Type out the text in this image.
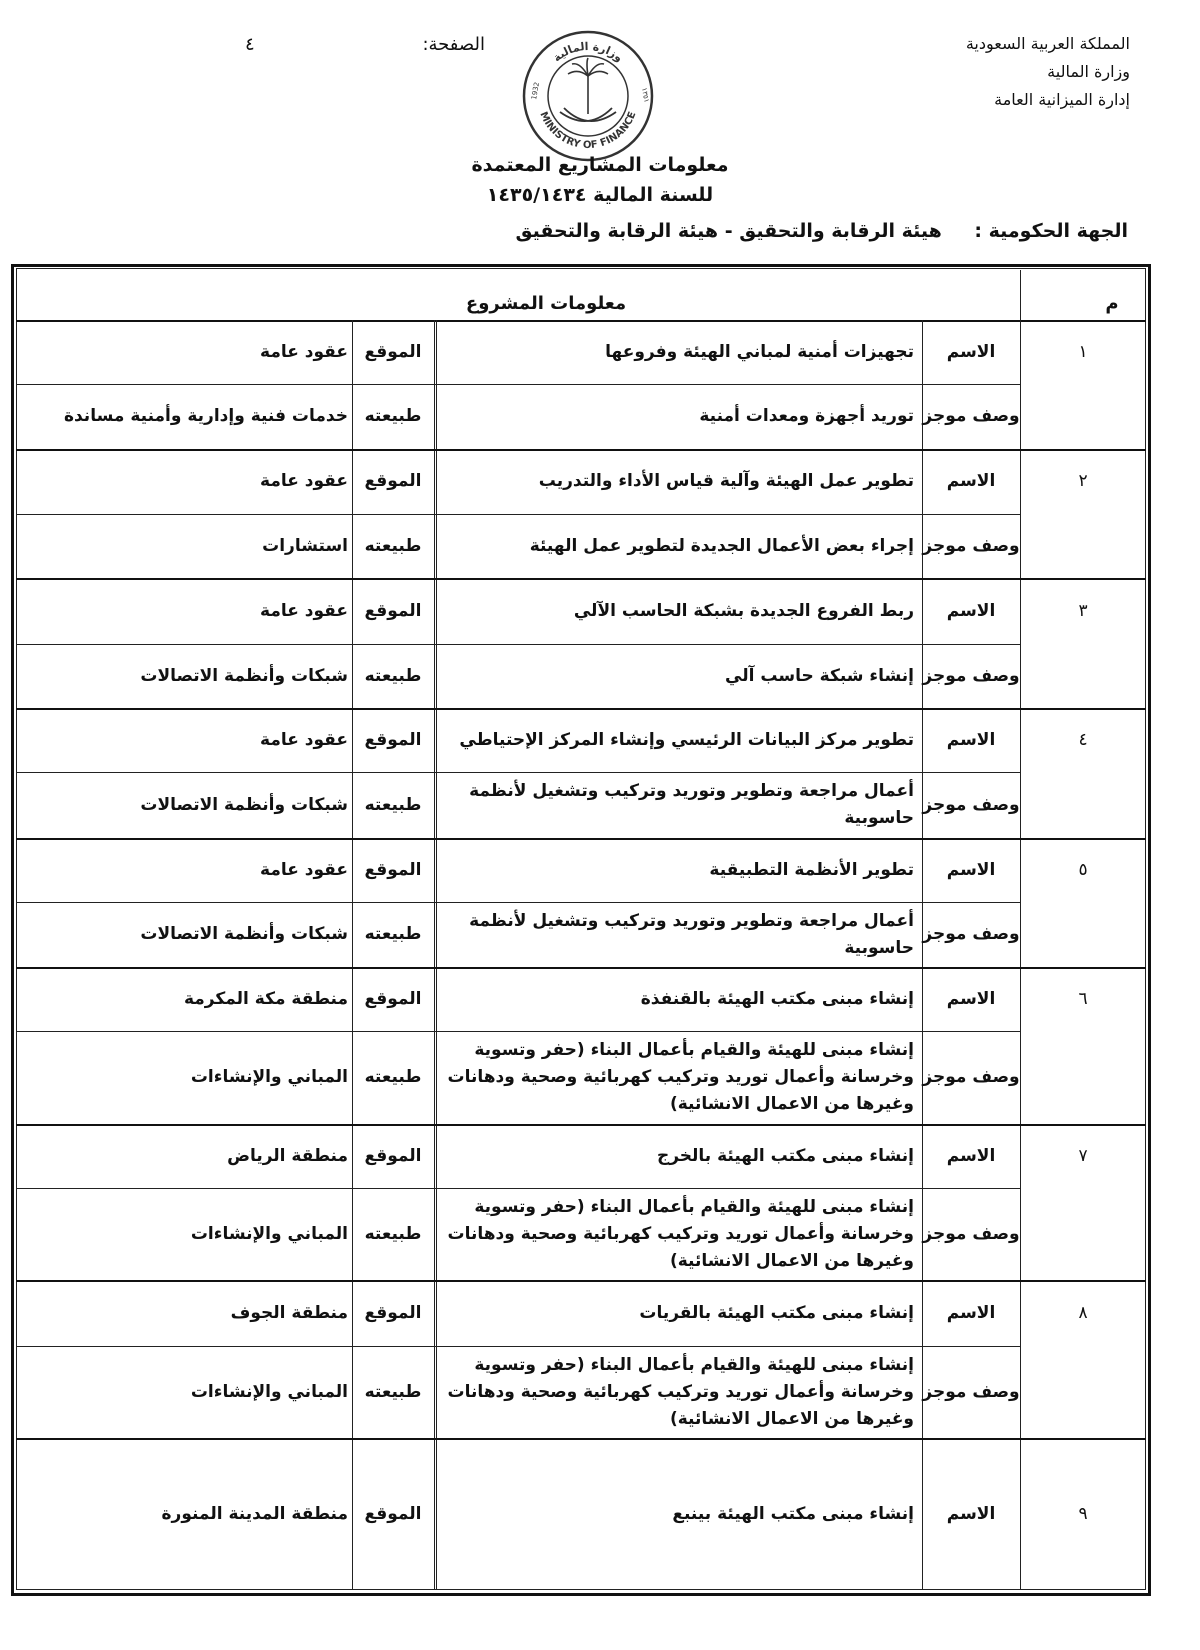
المملكة العربية السعودية
وزارة المالية
إدارة الميزانية العامة
الصفحة:
٤
وزارة المالية
MINISTRY OF FINANCE
1932	١٣٥١
معلومات المشاريع المعتمدة
للسنة المالية ١٤٣٥/١٤٣٤
الجهة الحكومية : هيئة الرقابة والتحقيق - هيئة الرقابة والتحقيق
معلومات المشروع	م
١
الاسم
تجهيزات أمنية لمباني الهيئة وفروعها
الموقع
عقود عامة
وصف موجز
توريد أجهزة ومعدات أمنية
طبيعته
خدمات فنية وإدارية وأمنية مساندة
٢
الاسم
تطوير عمل الهيئة وآلية قياس الأداء والتدريب
الموقع
عقود عامة
وصف موجز
إجراء بعض الأعمال الجديدة لتطوير عمل الهيئة
طبيعته
استشارات
٣
الاسم
ربط الفروع الجديدة بشبكة الحاسب الآلي
الموقع
عقود عامة
وصف موجز
إنشاء شبكة حاسب آلي
طبيعته
شبكات وأنظمة الاتصالات
٤
الاسم
تطوير مركز البيانات الرئيسي وإنشاء المركز الإحتياطي
الموقع
عقود عامة
وصف موجز
أعمال مراجعة وتطوير وتوريد وتركيب وتشغيل لأنظمة حاسوبية
طبيعته
شبكات وأنظمة الاتصالات
٥
الاسم
تطوير الأنظمة التطبيقية
الموقع
عقود عامة
وصف موجز
أعمال مراجعة وتطوير وتوريد وتركيب وتشغيل لأنظمة حاسوبية
طبيعته
شبكات وأنظمة الاتصالات
٦
الاسم
إنشاء مبنى مكتب الهيئة بالقنفذة
الموقع
منطقة مكة المكرمة
وصف موجز
إنشاء مبنى للهيئة والقيام بأعمال البناء (حفر وتسوية وخرسانة وأعمال توريد وتركيب كهربائية وصحية ودهانات وغيرها من الاعمال الانشائية)
طبيعته
المباني والإنشاءات
٧
الاسم
إنشاء مبنى مكتب الهيئة بالخرج
الموقع
منطقة الرياض
وصف موجز
إنشاء مبنى للهيئة والقيام بأعمال البناء (حفر وتسوية وخرسانة وأعمال توريد وتركيب كهربائية وصحية ودهانات وغيرها من الاعمال الانشائية)
طبيعته
المباني والإنشاءات
٨
الاسم
إنشاء مبنى مكتب الهيئة بالقريات
الموقع
منطقة الجوف
وصف موجز
إنشاء مبنى للهيئة والقيام بأعمال البناء (حفر وتسوية وخرسانة وأعمال توريد وتركيب كهربائية وصحية ودهانات وغيرها من الاعمال الانشائية)
طبيعته
المباني والإنشاءات
٩
الاسم
إنشاء مبنى مكتب الهيئة بينبع
الموقع
منطقة المدينة المنورة
